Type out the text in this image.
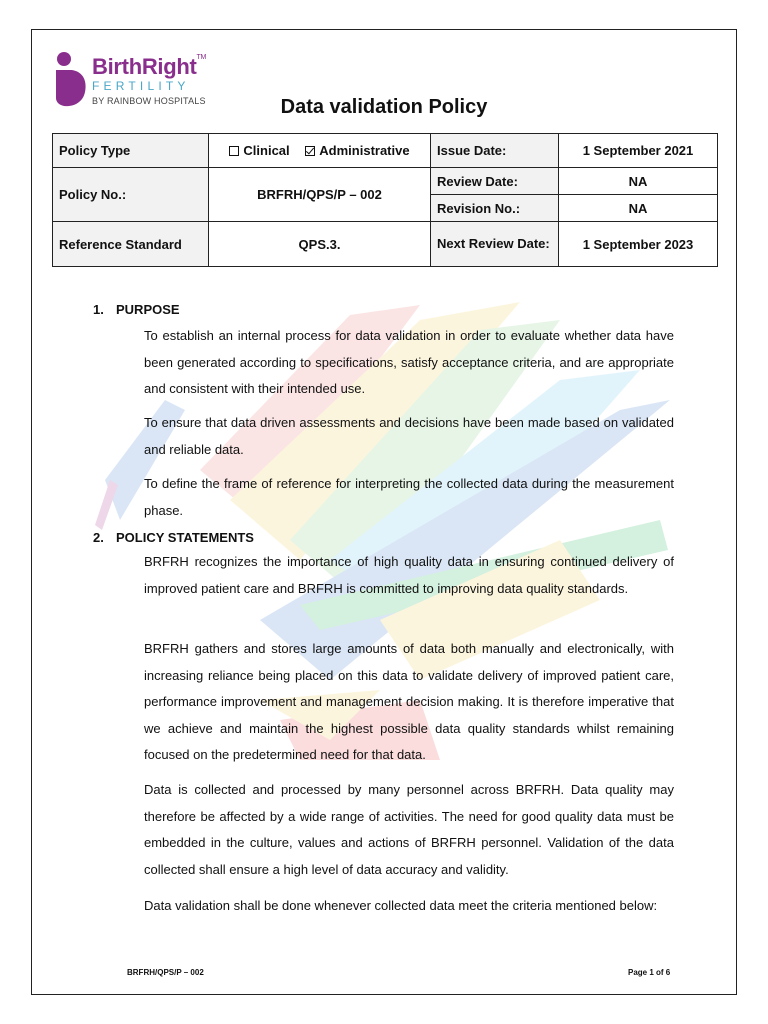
BirthRight™
FERTILITY
BY RAINBOW HOSPITALS	Data validation Policy
Policy Type	Clinical Administrative	Issue Date:	1 September 2021
Policy No.:	BRFRH/QPS/P – 002	Review Date:	NA
		Revision No.:	NA
Reference Standard	QPS.3.	Next Review Date:	1 September 2023
1. PURPOSE
To establish an internal process for data validation in order to evaluate whether data have been generated according to specifications, satisfy acceptance criteria, and are appropriate and consistent with their intended use.
To ensure that data driven assessments and decisions have been made based on validated and reliable data.
To define the frame of reference for interpreting the collected data during the measurement phase.
2. POLICY STATEMENTS
BRFRH recognizes the importance of high quality data in ensuring continued delivery of improved patient care and BRFRH is committed to improving data quality standards.
BRFRH gathers and stores large amounts of data both manually and electronically, with increasing reliance being placed on this data to validate delivery of improved patient care, performance improvement and management decision making. It is therefore imperative that we achieve and maintain the highest possible data quality standards whilst remaining focused on the predetermined need for that data.
Data is collected and processed by many personnel across BRFRH. Data quality may therefore be affected by a wide range of activities. The need for good quality data must be embedded in the culture, values and actions of BRFRH personnel. Validation of the data collected shall ensure a high level of data accuracy and validity.
Data validation shall be done whenever collected data meet the criteria mentioned below:
BRFRH/QPS/P – 002	Page 1 of 6
